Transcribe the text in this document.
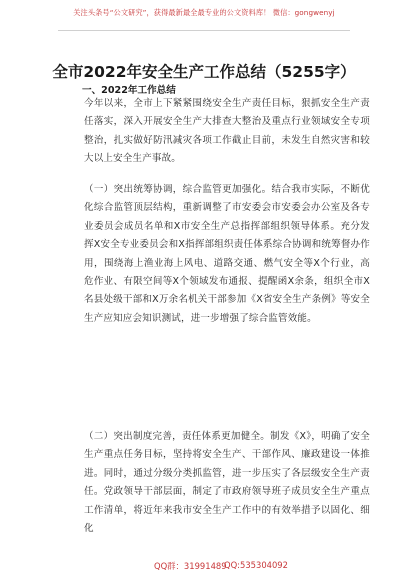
关注头条号“公文研究”，获得最新最全最专业的公文资料库！ 微信：gongwenyj
全市2022年安全生产工作总结（5255字）
一、2022年工作总结
今年以来，全市上下紧紧围绕安全生产责任目标，狠抓安全生产责任落实，深入开展安全生产大排查大整治及重点行业领域安全专项整治，扎实做好防汛减灾各项工作截止目前，未发生自然灾害和较大以上安全生产事故。
（一）突出统筹协调，综合监管更加强化。结合我市实际，不断优化综合监管顶层结构，重新调整了市安委会市安委会办公室及各专业委员会成员名单和X市安全生产总指挥部组织领导体系。充分发挥X安全专业委员会和X指挥部组织责任体系综合协调和统筹督办作用，围绕海上渔业海上风电、道路交通、燃气安全等X个行业，高危作业、有限空间等X个领域发布通报、提醒函X余条，组织全市X名县处级干部和X万余名机关干部参加《X省安全生产条例》等安全生产应知应会知识测试，进一步增强了综合监管效能。
（二）突出制度完善，责任体系更加健全。制发《X》，明确了安全生产重点任务目标，坚持将安全生产、干部作风、廉政建设一体推进。同时，通过分级分类抓监管，进一步压实了各层级安全生产责任。党政领导干部层面，制定了市政府领导班子成员安全生产重点工作清单，将近年来我市安全生产工作中的有效举措予以固化、细化
QQ群：31991489
QQ:535304092
